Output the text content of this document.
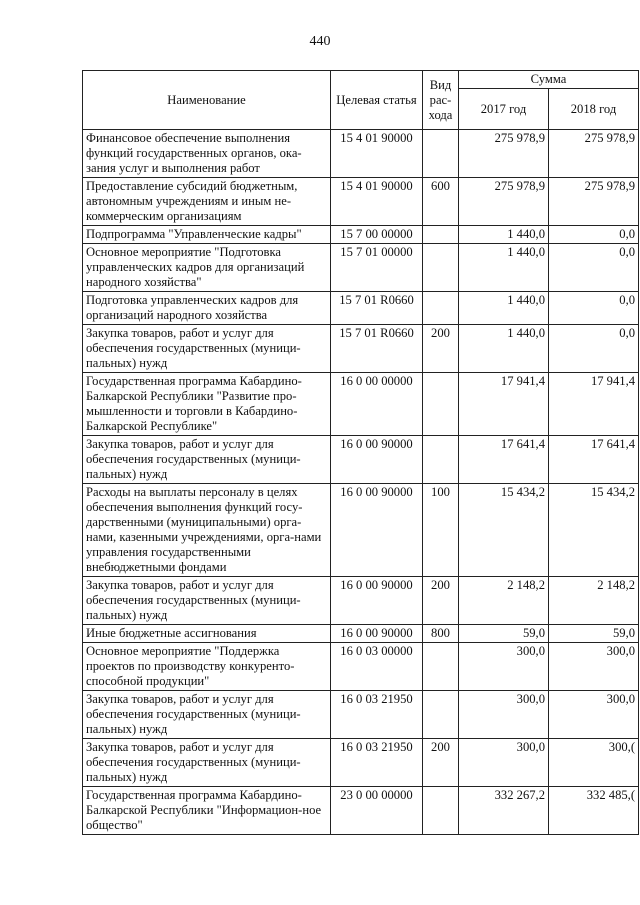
440
Наименование	Целевая статья	Вид рас-хода	Сумма	
			2017 год	2018 год
Финансовое обеспечение выполнения функций государственных органов, ока-зания услуг и выполнения работ	15 4 01 90000		275 978,9	275 978,9
Предоставление субсидий бюджетным, автономным учреждениям и иным не-коммерческим организациям	15 4 01 90000	600	275 978,9	275 978,9
Подпрограмма "Управленческие кадры"	15 7 00 00000		1 440,0	0,0
Основное мероприятие "Подготовка управленческих кадров для организаций народного хозяйства"	15 7 01 00000		1 440,0	0,0
Подготовка управленческих кадров для организаций народного хозяйства	15 7 01 R0660		1 440,0	0,0
Закупка товаров, работ и услуг для обеспечения государственных (муници-пальных) нужд	15 7 01 R0660	200	1 440,0	0,0
Государственная программа Кабардино-Балкарской Республики "Развитие про-мышленности и торговли в Кабардино-Балкарской Республике"	16 0 00 00000		17 941,4	17 941,4
Закупка товаров, работ и услуг для обеспечения государственных (муници-пальных) нужд	16 0 00 90000		17 641,4	17 641,4
Расходы на выплаты персоналу в целях обеспечения выполнения функций госу-дарственными (муниципальными) орга-нами, казенными учреждениями, орга-нами управления государственными внебюджетными фондами	16 0 00 90000	100	15 434,2	15 434,2
Закупка товаров, работ и услуг для обеспечения государственных (муници-пальных) нужд	16 0 00 90000	200	2 148,2	2 148,2
Иные бюджетные ассигнования	16 0 00 90000	800	59,0	59,0
Основное мероприятие "Поддержка проектов по производству конкуренто-способной продукции"	16 0 03 00000		300,0	300,0
Закупка товаров, работ и услуг для обеспечения государственных (муници-пальных) нужд	16 0 03 21950		300,0	300,0
Закупка товаров, работ и услуг для обеспечения государственных (муници-пальных) нужд	16 0 03 21950	200	300,0	300,(
Государственная программа Кабардино-Балкарской Республики "Информацион-ное общество"	23 0 00 00000		332 267,2	332 485,(
